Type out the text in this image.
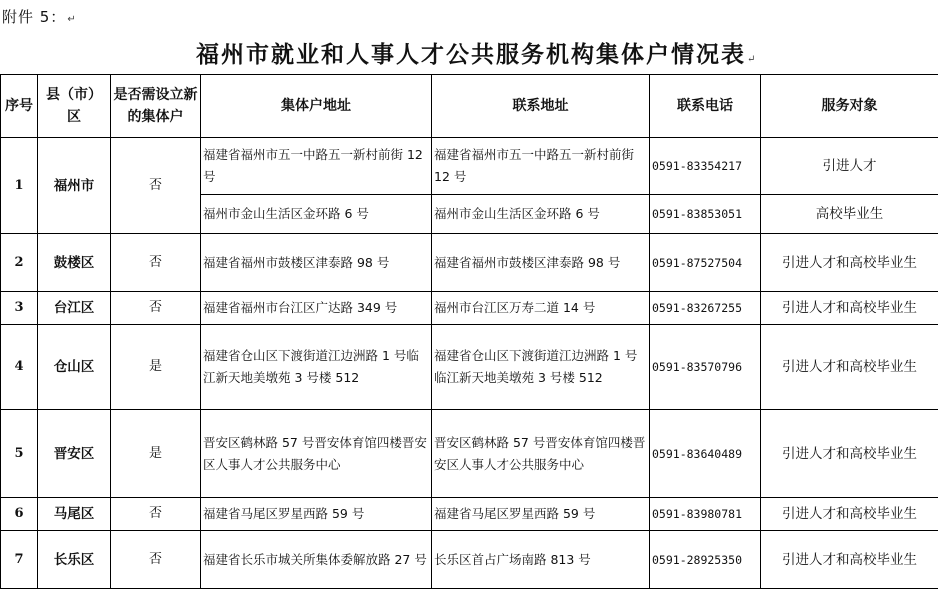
附件 5：↵
福州市就业和人事人才公共服务机构集体户情况表↵
序号	县（市）区	是否需设立新的集体户	集体户地址	联系地址	联系电话	服务对象
1	福州市	否	福建省福州市五一中路五一新村前街 12 号	福建省福州市五一中路五一新村前街 12 号	0591-83354217	引进人才
			福州市金山生活区金环路 6 号	福州市金山生活区金环路 6 号	0591-83853051	高校毕业生
2	鼓楼区	否	福建省福州市鼓楼区津泰路 98 号	福建省福州市鼓楼区津泰路 98 号	0591-87527504	引进人才和高校毕业生
3	台江区	否	福建省福州市台江区广达路 349 号	福州市台江区万寿二道 14 号	0591-83267255	引进人才和高校毕业生
4	仓山区	是	福建省仓山区下渡街道江边洲路 1 号临江新天地美墩苑 3 号楼 512	福建省仓山区下渡街道江边洲路 1 号临江新天地美墩苑 3 号楼 512	0591-83570796	引进人才和高校毕业生
5	晋安区	是	晋安区鹤林路 57 号晋安体育馆四楼晋安区人事人才公共服务中心	晋安区鹤林路 57 号晋安体育馆四楼晋安区人事人才公共服务中心	0591-83640489	引进人才和高校毕业生
6	马尾区	否	福建省马尾区罗星西路 59 号	福建省马尾区罗星西路 59 号	0591-83980781	引进人才和高校毕业生
7	长乐区	否	福建省长乐市城关所集体委解放路 27 号	长乐区首占广场南路 813 号	0591-28925350	引进人才和高校毕业生
